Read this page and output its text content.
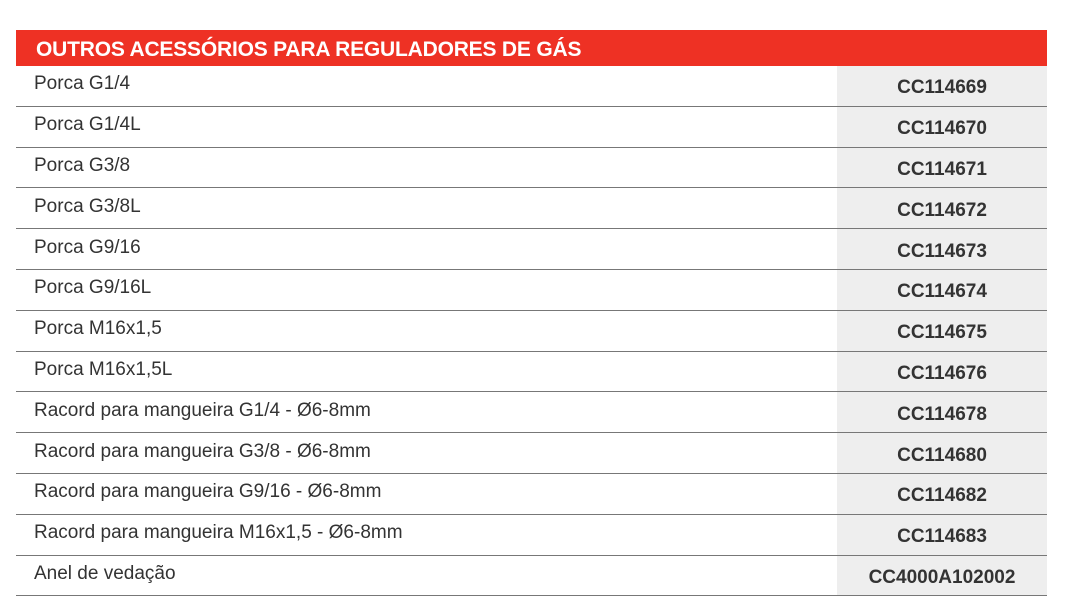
OUTROS ACESSÓRIOS PARA REGULADORES DE GÁS
Porca G1/4	CC114669
Porca G1/4L	CC114670
Porca G3/8	CC114671
Porca G3/8L	CC114672
Porca G9/16	CC114673
Porca G9/16L	CC114674
Porca M16x1,5	CC114675
Porca M16x1,5L	CC114676
Racord para mangueira G1/4 - Ø6-8mm	CC114678
Racord para mangueira G3/8 - Ø6-8mm	CC114680
Racord para mangueira G9/16 - Ø6-8mm	CC114682
Racord para mangueira M16x1,5 - Ø6-8mm	CC114683
Anel de vedação	CC4000A102002
